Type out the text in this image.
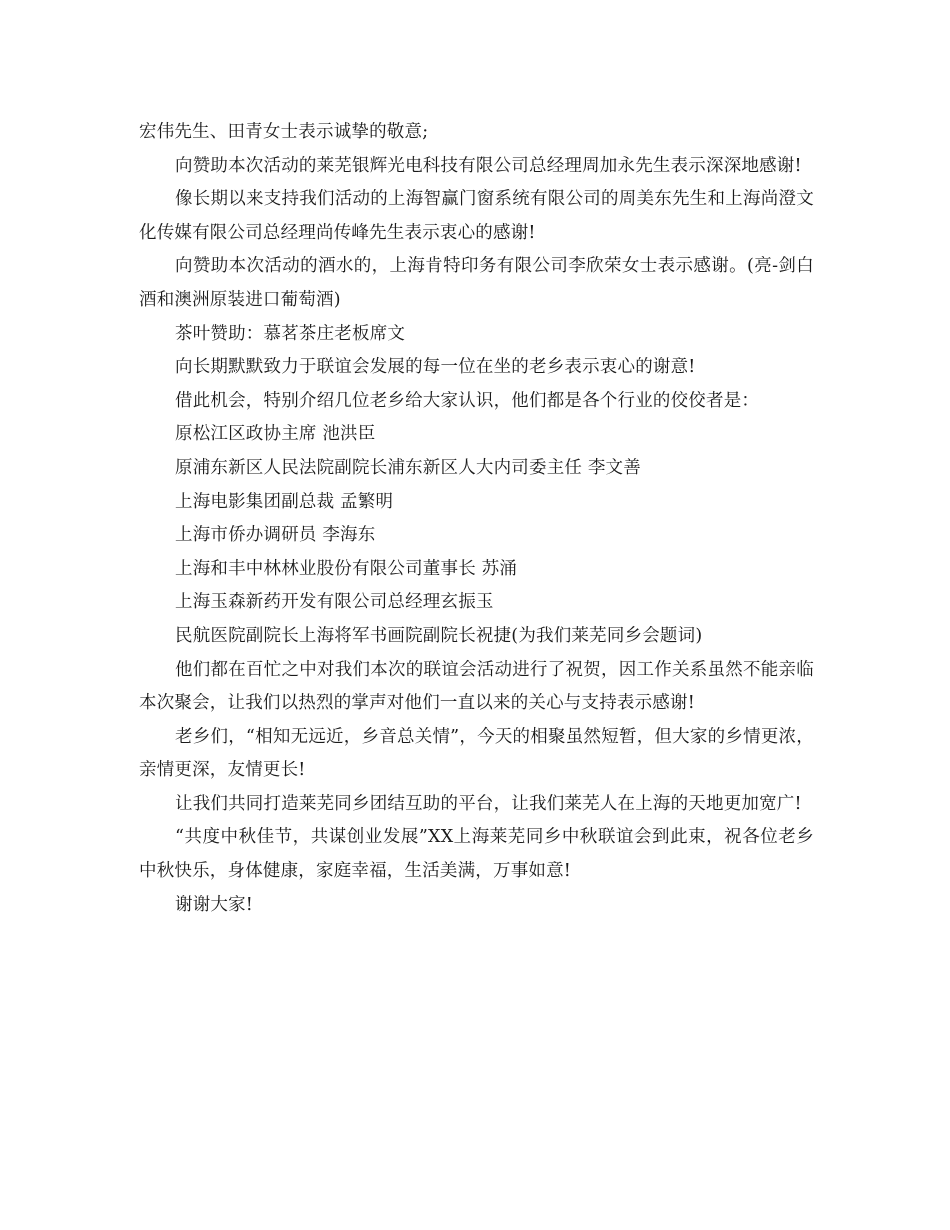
宏伟先生、田青女士表示诚挚的敬意;

向赞助本次活动的莱芜银辉光电科技有限公司总经理周加永先生表示深深地感谢!

像长期以来支持我们活动的上海智赢门窗系统有限公司的周美东先生和上海尚澄文化传媒有限公司总经理尚传峰先生表示衷心的感谢!

向赞助本次活动的酒水的，上海肯特印务有限公司李欣荣女士表示感谢。(亮-剑白酒和澳洲原装进口葡萄酒)

茶叶赞助：慕茗茶庄老板席文

向长期默默致力于联谊会发展的每一位在坐的老乡表示衷心的谢意!

借此机会，特别介绍几位老乡给大家认识，他们都是各个行业的佼佼者是：

原松江区政协主席 池洪臣

原浦东新区人民法院副院长浦东新区人大内司委主任 李文善

上海电影集团副总裁 孟繁明

上海市侨办调研员 李海东

上海和丰中林林业股份有限公司董事长 苏涌

上海玉森新药开发有限公司总经理玄振玉

民航医院副院长上海将军书画院副院长祝捷(为我们莱芜同乡会题词)

他们都在百忙之中对我们本次的联谊会活动进行了祝贺，因工作关系虽然不能亲临本次聚会，让我们以热烈的掌声对他们一直以来的关心与支持表示感谢!

老乡们，“相知无远近，乡音总关情”，今天的相聚虽然短暂，但大家的乡情更浓，亲情更深，友情更长!

让我们共同打造莱芜同乡团结互助的平台，让我们莱芜人在上海的天地更加宽广!

“共度中秋佳节，共谋创业发展”XX上海莱芜同乡中秋联谊会到此束，祝各位老乡中秋快乐，身体健康，家庭幸福，生活美满，万事如意!

谢谢大家!
